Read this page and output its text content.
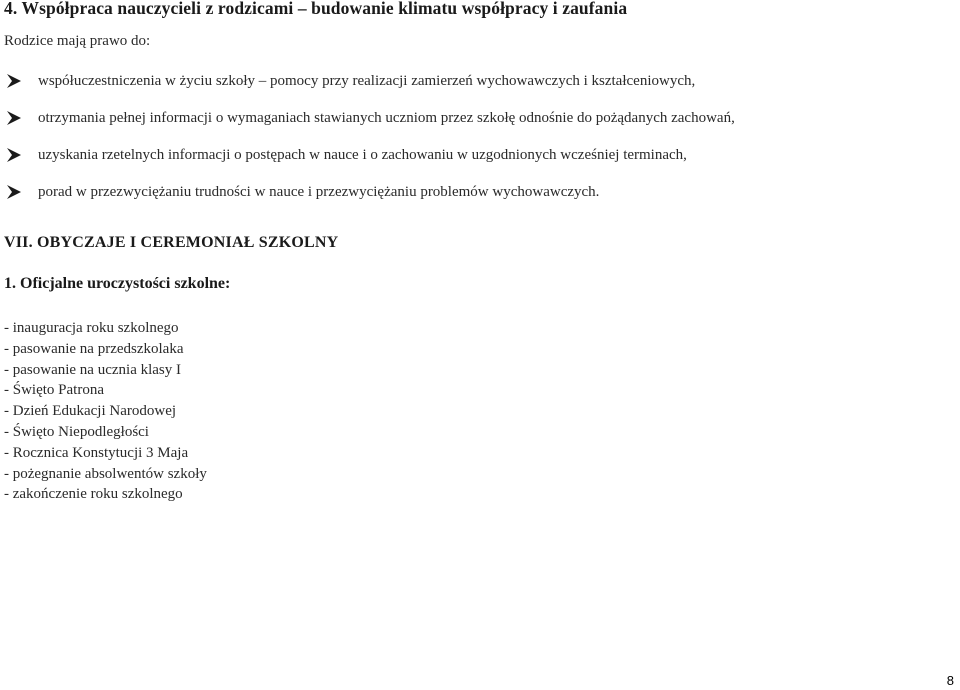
4. Współpraca nauczycieli z rodzicami – budowanie klimatu współpracy i zaufania
Rodzice mają prawo do:
współuczestniczenia w życiu szkoły – pomocy przy realizacji zamierzeń wychowawczych i kształceniowych,
otrzymania pełnej informacji o wymaganiach stawianych uczniom przez szkołę odnośnie do pożądanych zachowań,
uzyskania rzetelnych informacji o postępach w nauce i o zachowaniu w uzgodnionych wcześniej terminach,
porad w przezwyciężaniu trudności w nauce i przezwyciężaniu problemów wychowawczych.
VII. OBYCZAJE I CEREMONIAŁ SZKOLNY
1. Oficjalne uroczystości szkolne:
- inauguracja roku szkolnego
- pasowanie na przedszkolaka
- pasowanie na ucznia klasy I
- Święto Patrona
- Dzień Edukacji Narodowej
- Święto Niepodległości
- Rocznica Konstytucji 3 Maja
- pożegnanie absolwentów szkoły
- zakończenie roku szkolnego
8
